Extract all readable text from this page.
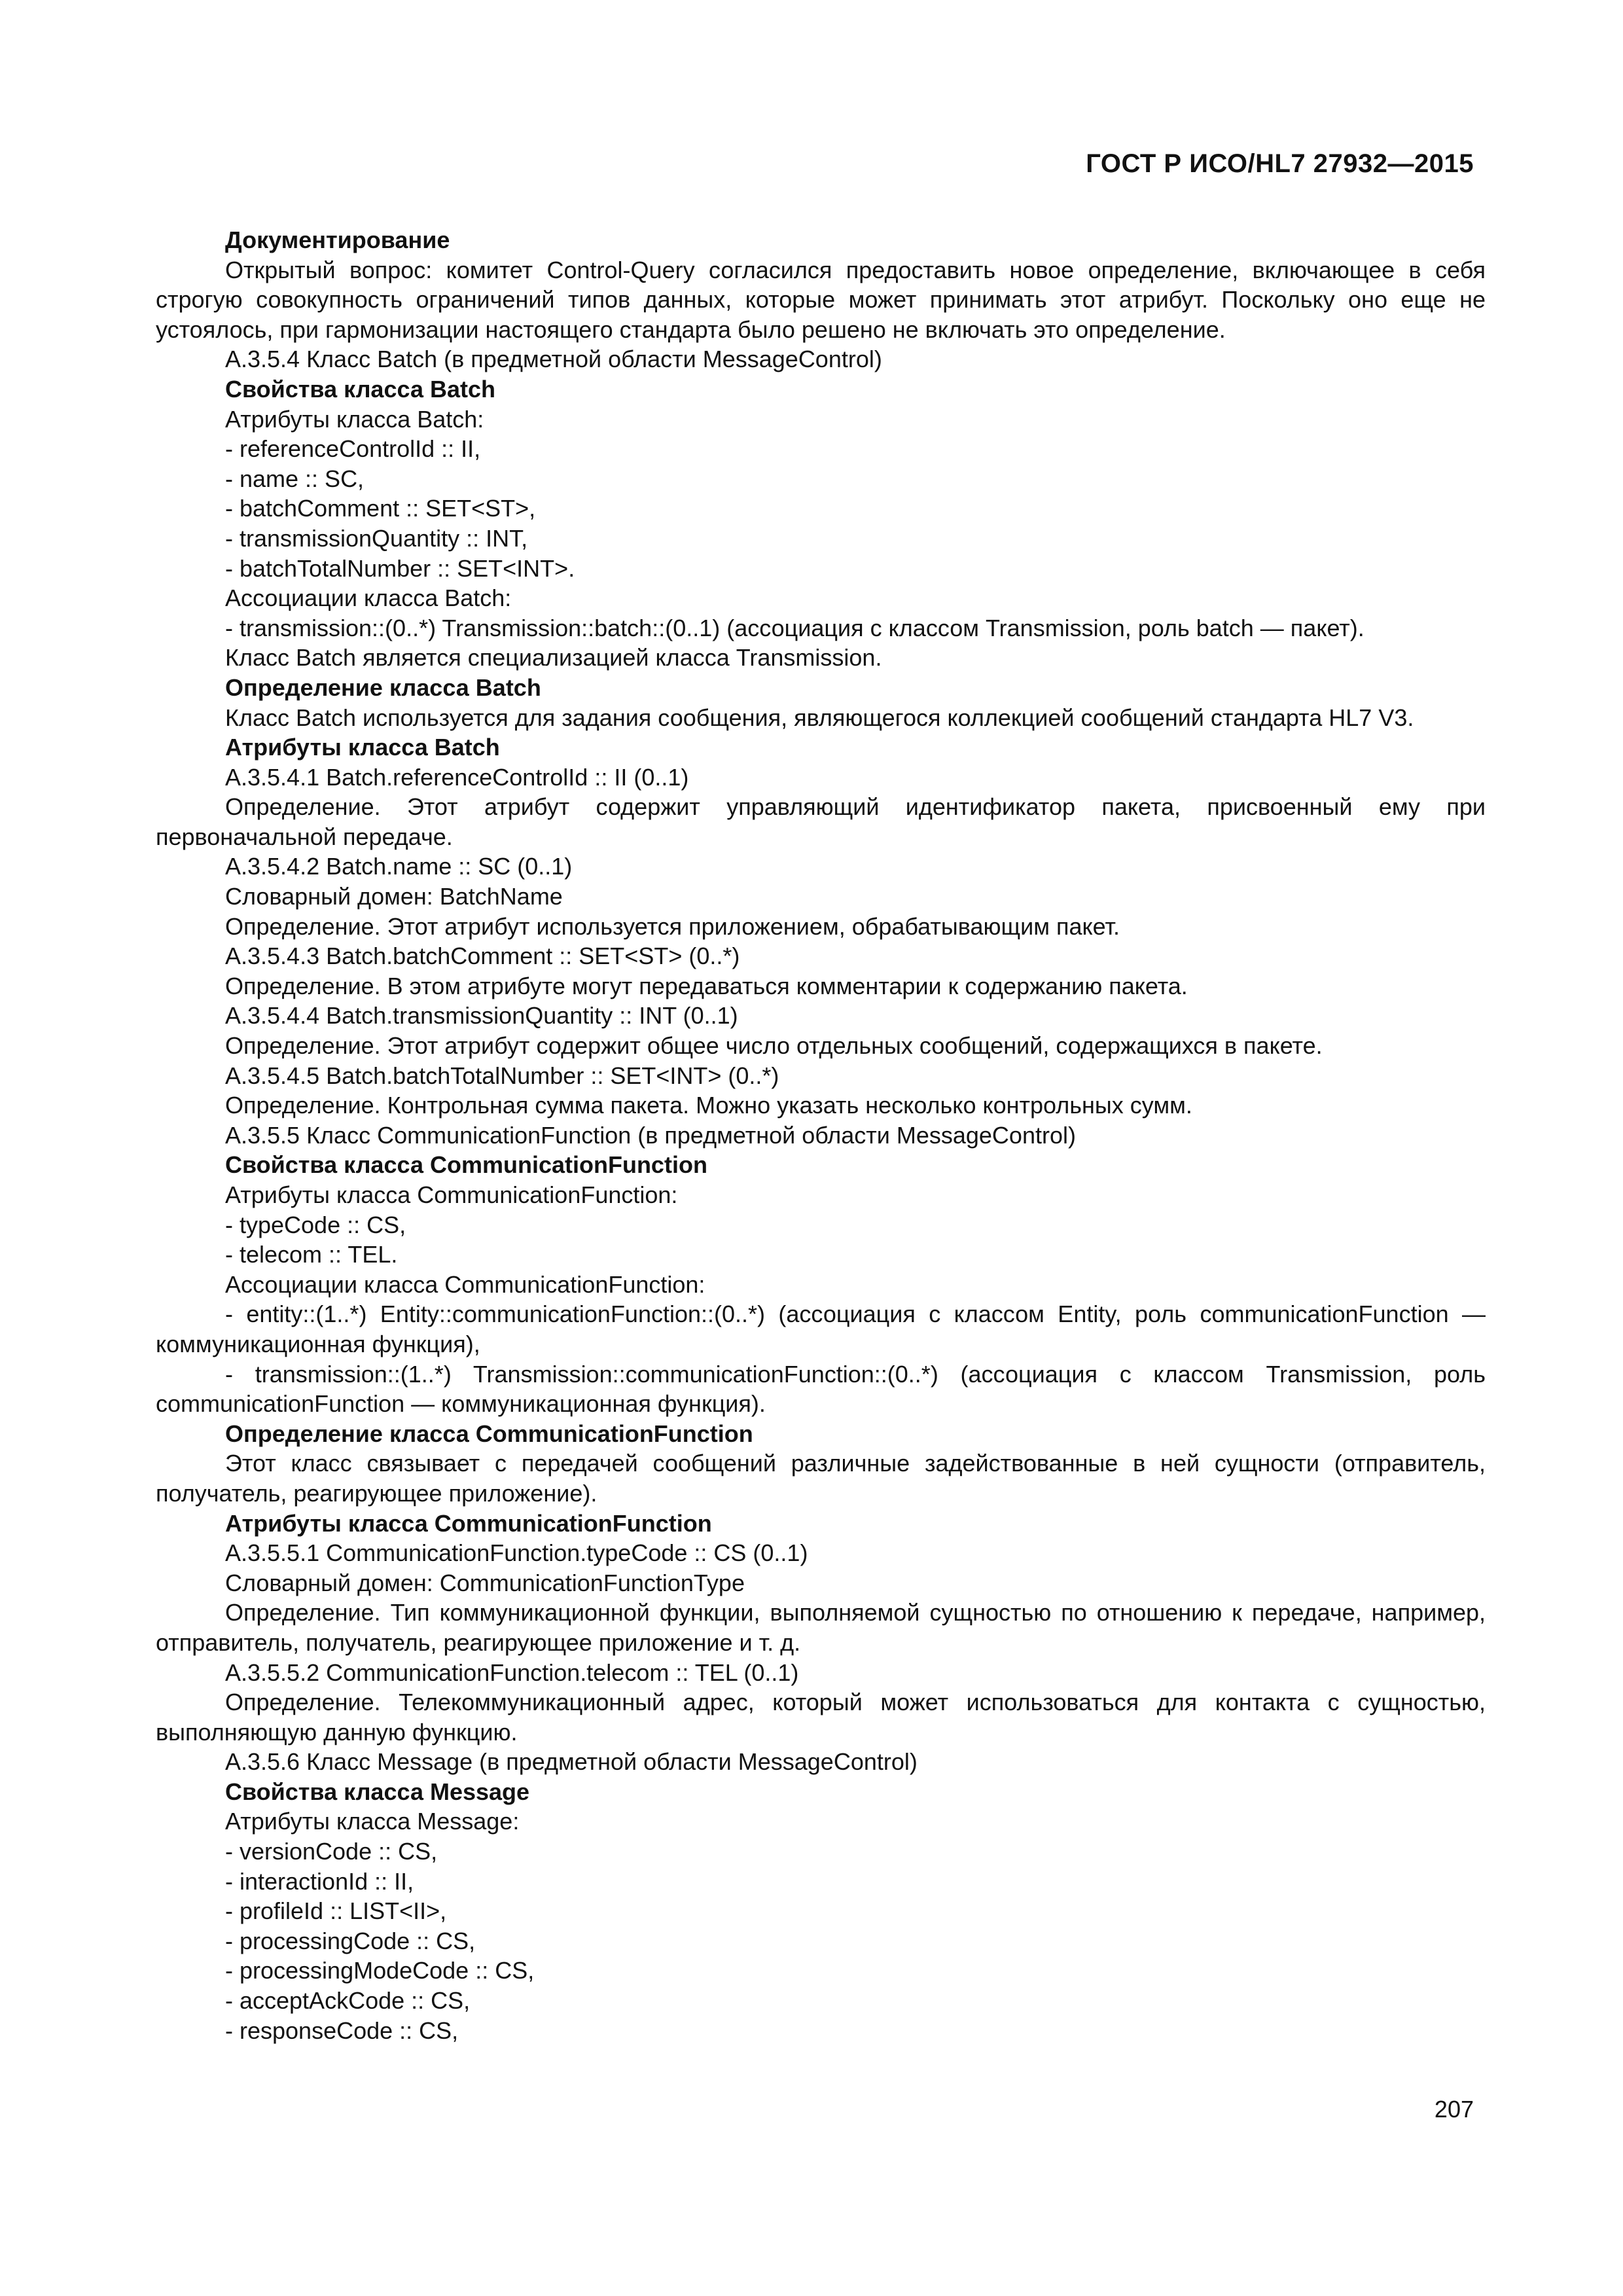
ГОСТ Р ИСО/HL7 27932—2015

Документирование

Открытый вопрос: комитет Control-Query согласился предоставить новое определение, включающее в себя строгую совокупность ограничений типов данных, которые может принимать этот атрибут. Поскольку оно еще не устоялось, при гармонизации настоящего стандарта было решено не включать это определение.

А.3.5.4 Класс Batch (в предметной области MessageControl)

Свойства класса Batch

Атрибуты класса Batch:

- referenceControlId :: II,

- name :: SC,

- batchComment :: SET<ST>,

- transmissionQuantity :: INT,

- batchTotalNumber :: SET<INT>.

Ассоциации класса Batch:

- transmission::(0..*) Transmission::batch::(0..1) (ассоциация с классом Transmission, роль batch — пакет).

Класс Batch является специализацией класса Transmission.

Определение класса Batch

Класс Batch используется для задания сообщения, являющегося коллекцией сообщений стандарта HL7 V3.

Атрибуты класса Batch

А.3.5.4.1 Batch.referenceControlId :: II (0..1)

Определение. Этот атрибут содержит управляющий идентификатор пакета, присвоенный ему при первоначальной передаче.

А.3.5.4.2 Batch.name :: SC (0..1)

Словарный домен: BatchName

Определение. Этот атрибут используется приложением, обрабатывающим пакет.

А.3.5.4.3 Batch.batchComment :: SET<ST> (0..*)

Определение. В этом атрибуте могут передаваться комментарии к содержанию пакета.

А.3.5.4.4 Batch.transmissionQuantity :: INT (0..1)

Определение. Этот атрибут содержит общее число отдельных сообщений, содержащихся в пакете.

А.3.5.4.5 Batch.batchTotalNumber :: SET<INT> (0..*)

Определение. Контрольная сумма пакета. Можно указать несколько контрольных сумм.

А.3.5.5 Класс CommunicationFunction (в предметной области MessageControl)

Свойства класса CommunicationFunction

Атрибуты класса CommunicationFunction:

- typeCode :: CS,

- telecom :: TEL.

Ассоциации класса CommunicationFunction:

- entity::(1..*) Entity::communicationFunction::(0..*) (ассоциация с классом Entity, роль communicationFunction — коммуникационная функция),

- transmission::(1..*) Transmission::communicationFunction::(0..*) (ассоциация с классом Transmission, роль communicationFunction — коммуникационная функция).

Определение класса CommunicationFunction

Этот класс связывает с передачей сообщений различные задействованные в ней сущности (отправитель, получатель, реагирующее приложение).

Атрибуты класса CommunicationFunction

А.3.5.5.1 CommunicationFunction.typeCode :: CS (0..1)

Словарный домен: CommunicationFunctionType

Определение. Тип коммуникационной функции, выполняемой сущностью по отношению к передаче, например, отправитель, получатель, реагирующее приложение и т. д.

А.3.5.5.2 CommunicationFunction.telecom :: TEL (0..1)

Определение. Телекоммуникационный адрес, который может использоваться для контакта с сущностью, выполняющую данную функцию.

А.3.5.6 Класс Message (в предметной области MessageControl)

Свойства класса Message

Атрибуты класса Message:

- versionCode :: CS,

- interactionId :: II,

- profileId :: LIST<II>,

- processingCode :: CS,

- processingModeCode :: CS,

- acceptAckCode :: CS,

- responseCode :: CS,

207
